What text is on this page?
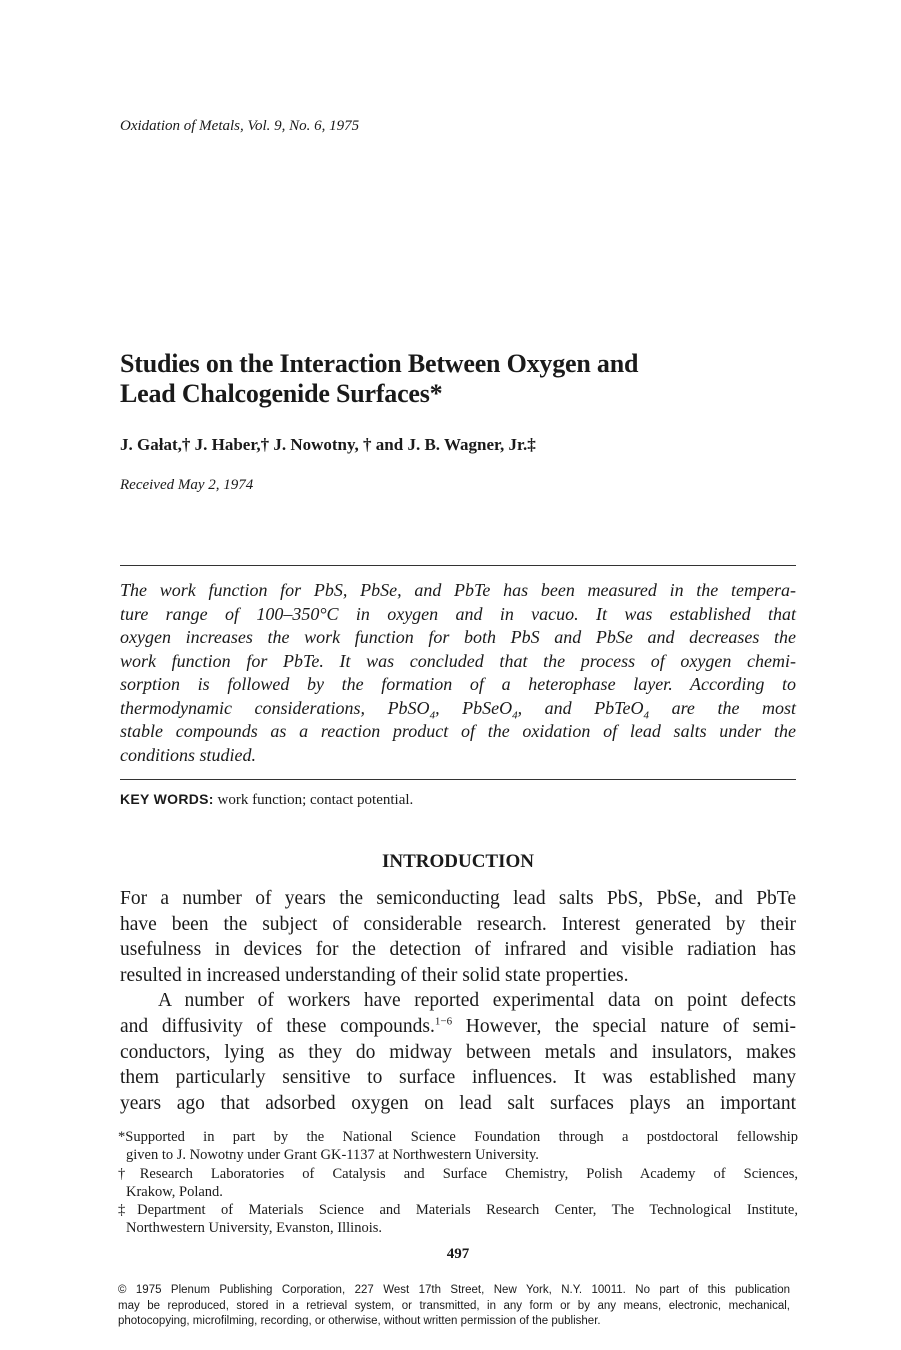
Oxidation of Metals, Vol. 9, No. 6, 1975

Studies on the Interaction Between Oxygen and
Lead Chalcogenide Surfaces*

J. Gałat,† J. Haber,† J. Nowotny, † and J. B. Wagner, Jr.‡

Received May 2, 1974

The work function for PbS, PbSe, and PbTe has been measured in the tempera-
ture range of 100–350°C in oxygen and in vacuo. It was established that
oxygen increases the work function for both PbS and PbSe and decreases the
work function for PbTe. It was concluded that the process of oxygen chemi-
sorption is followed by the formation of a heterophase layer. According to
thermodynamic considerations, PbSO$_4$, PbSeO$_4$, and PbTeO$_4$ are the most
stable compounds as a reaction product of the oxidation of lead salts under the
conditions studied.

KEY WORDS: work function; contact potential.

INTRODUCTION
For a number of years the semiconducting lead salts PbS, PbSe, and PbTe
have been the subject of considerable research. Interest generated by their
usefulness in devices for the detection of infrared and visible radiation has
resulted in increased understanding of their solid state properties.
A number of workers have reported experimental data on point defects
and diffusivity of these compounds.$^{1-6}$ However, the special nature of semi-
conductors, lying as they do midway between metals and insulators, makes
them particularly sensitive to surface influences. It was established many
years ago that adsorbed oxygen on lead salt surfaces plays an important
*Supported in part by the National Science Foundation through a postdoctoral fellowship
given to J. Nowotny under Grant GK-1137 at Northwestern University.
†Research Laboratories of Catalysis and Surface Chemistry, Polish Academy of Sciences,
Krakow, Poland.
‡Department of Materials Science and Materials Research Center, The Technological Institute,
Northwestern University, Evanston, Illinois.

497

© 1975 Plenum Publishing Corporation, 227 West 17th Street, New York, N.Y. 10011. No part of this publication
may be reproduced, stored in a retrieval system, or transmitted, in any form or by any means, electronic, mechanical,
photocopying, microfilming, recording, or otherwise, without written permission of the publisher.
